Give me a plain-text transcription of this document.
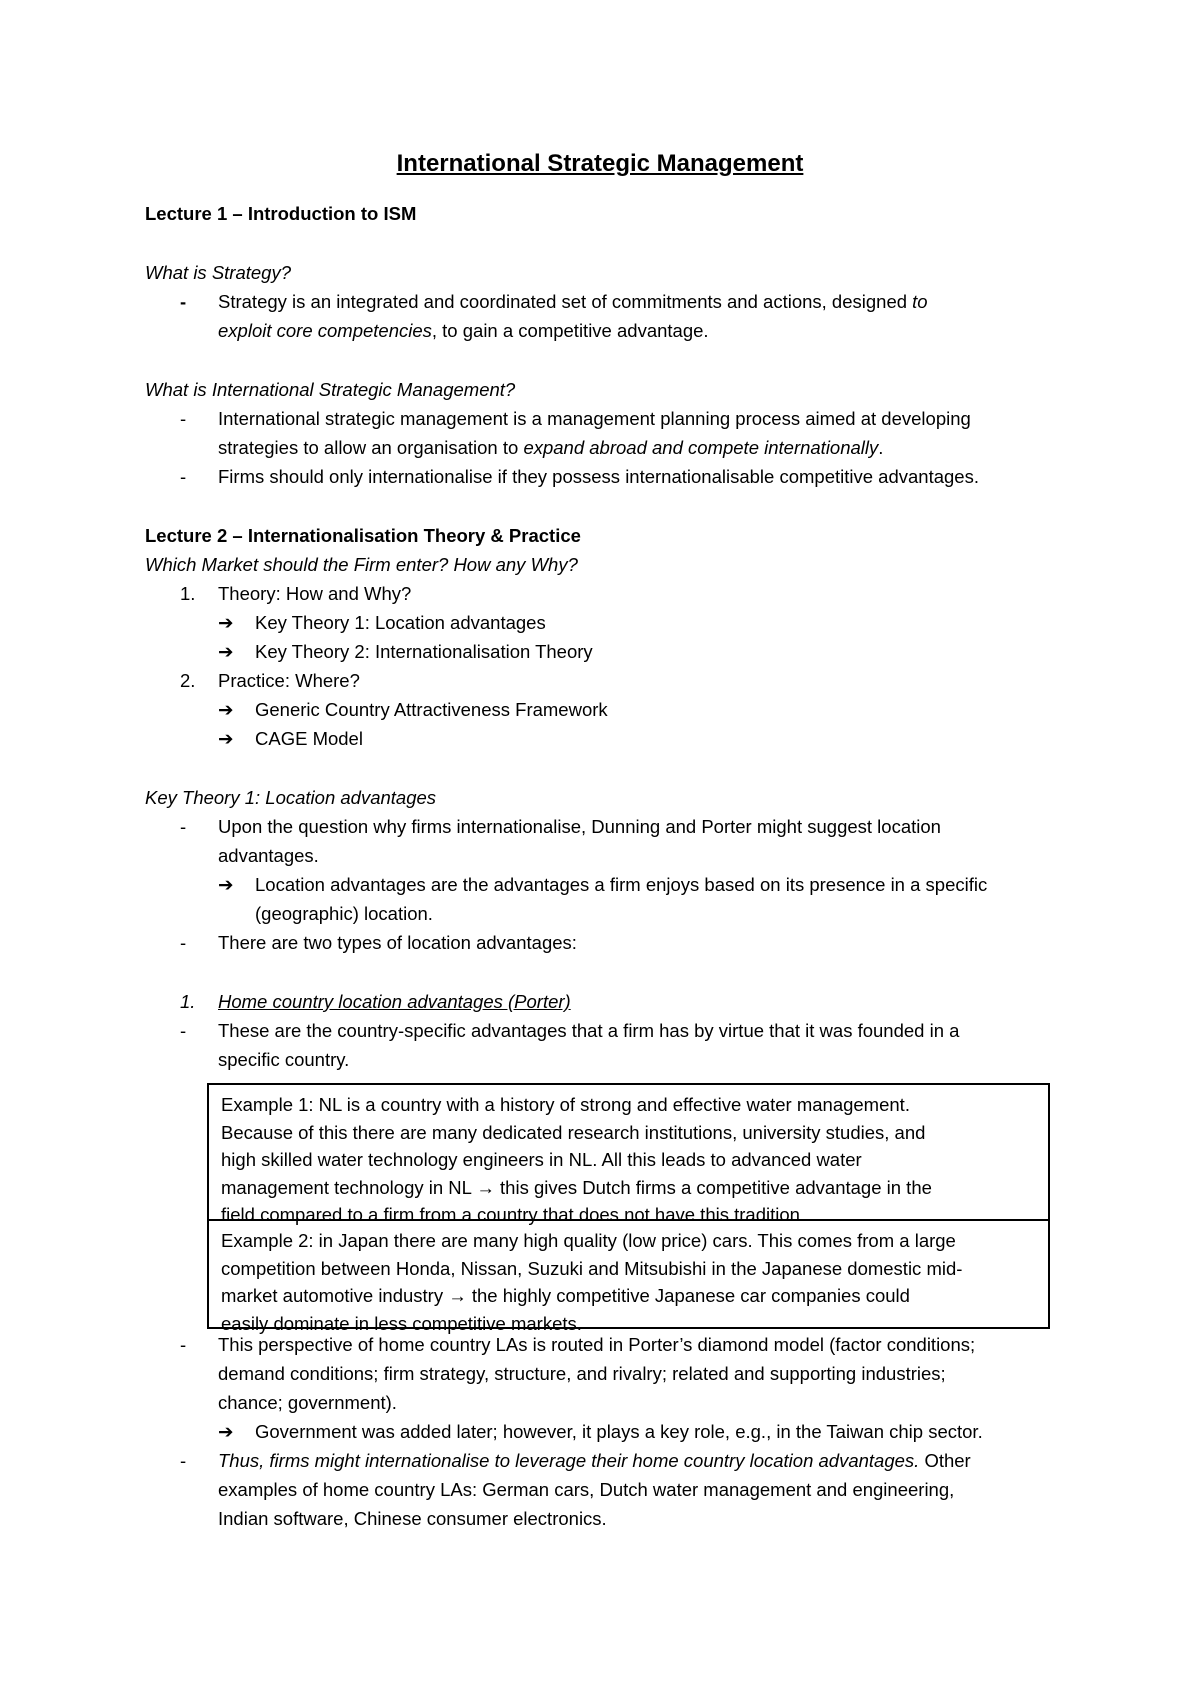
International Strategic Management
Lecture 1 – Introduction to ISM
What is Strategy?
- Strategy is an integrated and coordinated set of commitments and actions, designed to
exploit core competencies, to gain a competitive advantage.
What is International Strategic Management?
- International strategic management is a management planning process aimed at developing
strategies to allow an organisation to expand abroad and compete internationally.
- Firms should only internationalise if they possess internationalisable competitive advantages.
Lecture 2 – Internationalisation Theory & Practice
Which Market should the Firm enter? How any Why?
1. Theory: How and Why?
➔ Key Theory 1: Location advantages
➔ Key Theory 2: Internationalisation Theory
2. Practice: Where?
➔ Generic Country Attractiveness Framework
➔ CAGE Model
Key Theory 1: Location advantages
- Upon the question why firms internationalise, Dunning and Porter might suggest location
advantages.
➔ Location advantages are the advantages a firm enjoys based on its presence in a specific
(geographic) location.
- There are two types of location advantages:
1. Home country location advantages (Porter)
- These are the country-specific advantages that a firm has by virtue that it was founded in a
specific country.
Example 1: NL is a country with a history of strong and effective water management.
Because of this there are many dedicated research institutions, university studies, and
high skilled water technology engineers in NL. All this leads to advanced water
management technology in NL → this gives Dutch firms a competitive advantage in the
field compared to a firm from a country that does not have this tradition.
Example 2: in Japan there are many high quality (low price) cars. This comes from a large
competition between Honda, Nissan, Suzuki and Mitsubishi in the Japanese domestic mid-
market automotive industry → the highly competitive Japanese car companies could
easily dominate in less competitive markets.
- This perspective of home country LAs is routed in Porter’s diamond model (factor conditions;
demand conditions; firm strategy, structure, and rivalry; related and supporting industries;
chance; government).
➔ Government was added later; however, it plays a key role, e.g., in the Taiwan chip sector.
- Thus, firms might internationalise to leverage their home country location advantages. Other
examples of home country LAs: German cars, Dutch water management and engineering,
Indian software, Chinese consumer electronics.
